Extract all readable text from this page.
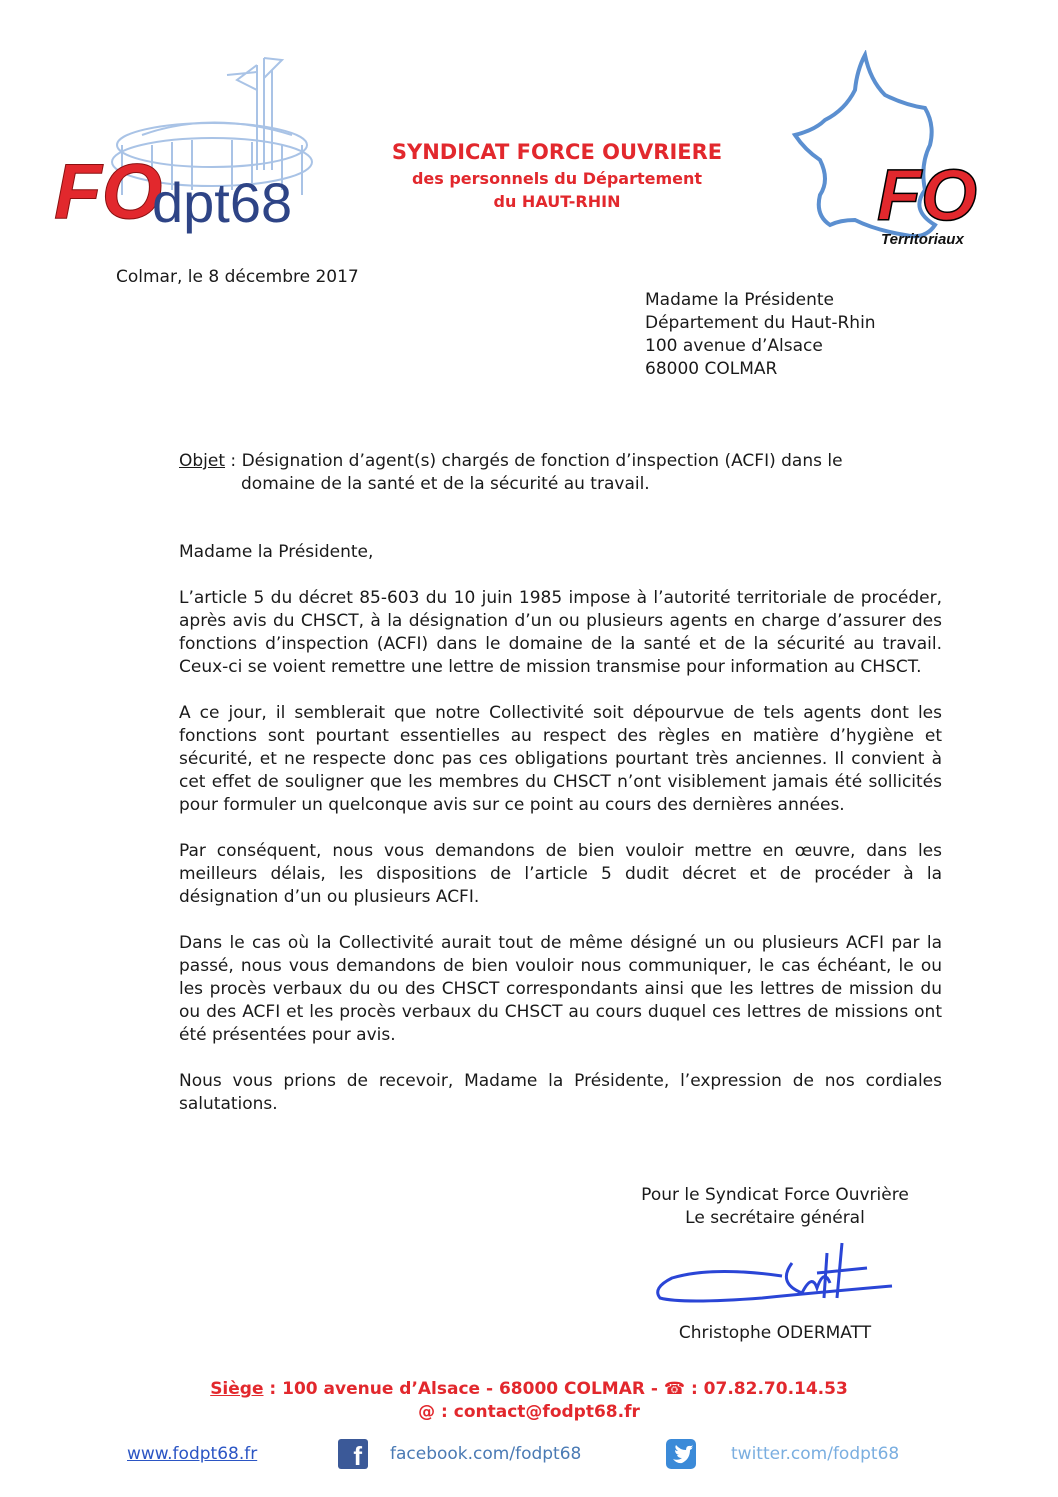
FO
dpt68
SYNDICAT FORCE OUVRIERE
des personnels du Département
du HAUT-RHIN	FO
Territoriaux
Colmar, le 8 décembre 2017
Madame la Présidente
Département du Haut-Rhin
100 avenue d’Alsace
68000 COLMAR
Objet : Désignation d’agent(s) chargés de fonction d’inspection (ACFI) dans le
domaine de la santé et de la sécurité au travail.

Madame la Présidente,

L’article 5 du décret 85-603 du 10 juin 1985 impose à l’autorité territoriale de procéder, après avis du CHSCT, à la désignation d’un ou plusieurs agents en charge d’assurer des fonctions d’inspection (ACFI) dans le domaine de la santé et de la sécurité au travail. Ceux-ci se voient remettre une lettre de mission transmise pour information au CHSCT.

A ce jour, il semblerait que notre Collectivité soit dépourvue de tels agents dont les fonctions sont pourtant essentielles au respect des règles en matière d’hygiène et sécurité, et ne respecte donc pas ces obligations pourtant très anciennes. Il convient à cet effet de souligner que les membres du CHSCT n’ont visiblement jamais été sollicités pour formuler un quelconque avis sur ce point au cours des dernières années.

Par conséquent, nous vous demandons de bien vouloir mettre en œuvre, dans les meilleurs délais, les dispositions de l’article 5 dudit décret et de procéder à la désignation d’un ou plusieurs ACFI.

Dans le cas où la Collectivité aurait tout de même désigné un ou plusieurs ACFI par la passé, nous vous demandons de bien vouloir nous communiquer, le cas échéant, le ou les procès verbaux du ou des CHSCT correspondants ainsi que les lettres de mission du ou des ACFI et les procès verbaux du CHSCT au cours duquel ces lettres de missions ont été présentées pour avis.

Nous vous prions de recevoir, Madame la Présidente, l’expression de nos cordiales salutations.

Pour le Syndicat Force Ouvrière
Le secrétaire général
Christophe ODERMATT
Siège : 100 avenue d’Alsace - 68000 COLMAR - ☎ : 07.82.70.14.53
@ : contact@fodpt68.fr
www.fodpt68.fr	f facebook.com/fodpt68	twitter.com/fodpt68
